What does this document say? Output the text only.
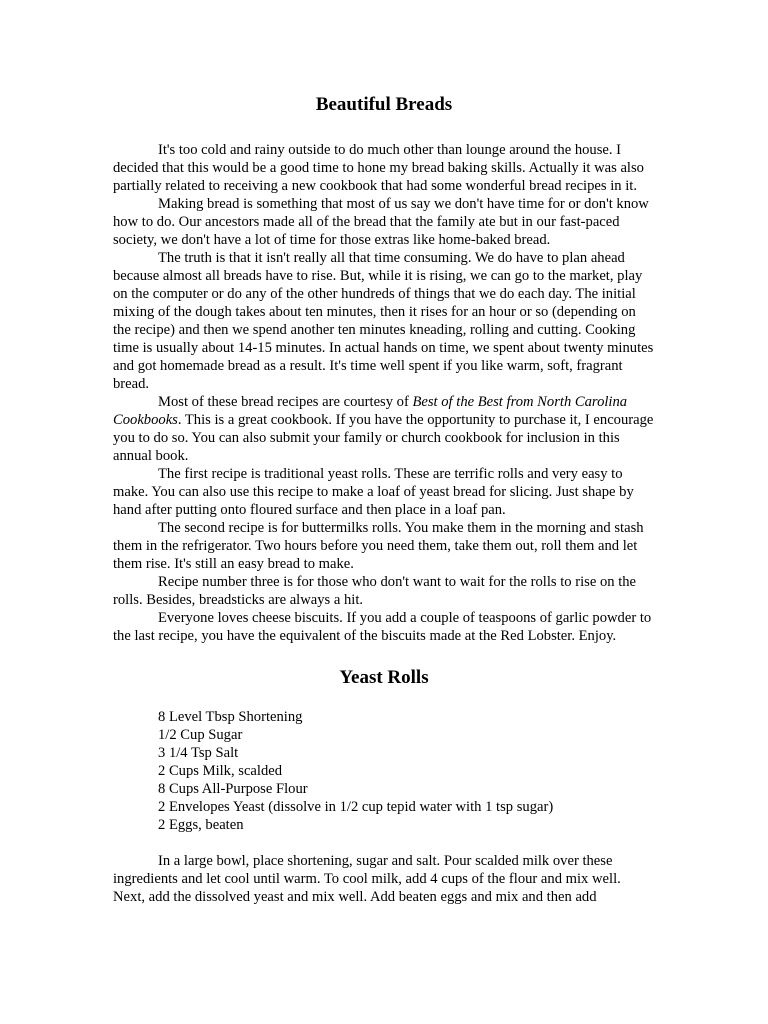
Beautiful Breads

It's too cold and rainy outside to do much other than lounge around the house. I decided that this would be a good time to hone my bread baking skills. Actually it was also partially related to receiving a new cookbook that had some wonderful bread recipes in it.

Making bread is something that most of us say we don't have time for or don't know how to do. Our ancestors made all of the bread that the family ate but in our fast-paced society, we don't have a lot of time for those extras like home-baked bread.

The truth is that it isn't really all that time consuming. We do have to plan ahead because almost all breads have to rise. But, while it is rising, we can go to the market, play on the computer or do any of the other hundreds of things that we do each day. The initial mixing of the dough takes about ten minutes, then it rises for an hour or so (depending on the recipe) and then we spend another ten minutes kneading, rolling and cutting. Cooking time is usually about 14-15 minutes. In actual hands on time, we spent about twenty minutes and got homemade bread as a result. It's time well spent if you like warm, soft, fragrant bread.

Most of these bread recipes are courtesy of Best of the Best from North Carolina Cookbooks. This is a great cookbook. If you have the opportunity to purchase it, I encourage you to do so. You can also submit your family or church cookbook for inclusion in this annual book.

The first recipe is traditional yeast rolls. These are terrific rolls and very easy to make. You can also use this recipe to make a loaf of yeast bread for slicing. Just shape by hand after putting onto floured surface and then place in a loaf pan.

The second recipe is for buttermilks rolls. You make them in the morning and stash them in the refrigerator. Two hours before you need them, take them out, roll them and let them rise. It's still an easy bread to make.

Recipe number three is for those who don't want to wait for the rolls to rise on the rolls. Besides, breadsticks are always a hit.

Everyone loves cheese biscuits. If you add a couple of teaspoons of garlic powder to the last recipe, you have the equivalent of the biscuits made at the Red Lobster. Enjoy.

Yeast Rolls
8 Level Tbsp Shortening
1/2 Cup Sugar
3 1/4 Tsp Salt
2 Cups Milk, scalded
8 Cups All-Purpose Flour
2 Envelopes Yeast (dissolve in 1/2 cup tepid water with 1 tsp sugar)
2 Eggs, beaten

In a large bowl, place shortening, sugar and salt. Pour scalded milk over these ingredients and let cool until warm. To cool milk, add 4 cups of the flour and mix well. Next, add the dissolved yeast and mix well. Add beaten eggs and mix and then add
